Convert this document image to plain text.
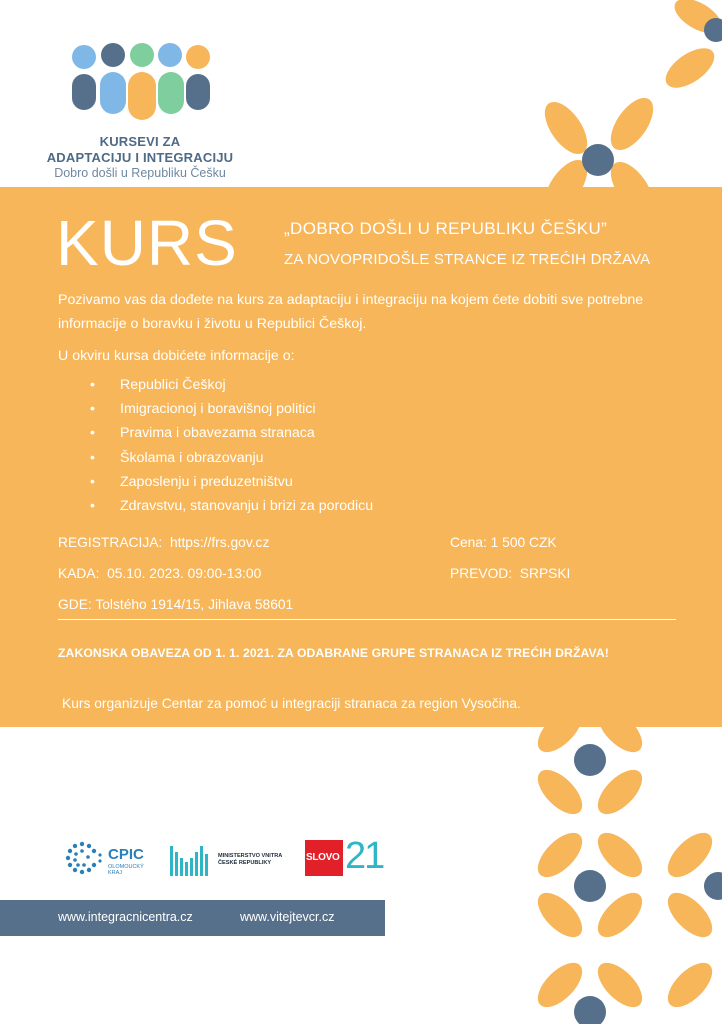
KURSEVI ZA
ADAPTACIJU I INTEGRACIJU
Dobro došli u Republiku Češku
KURS	„DOBRO DOŠLI U REPUBLIKU ČEŠKU”
ZA NOVOPRIDOŠLE STRANCE IZ TREĆIH DRŽAVA
Pozivamo vas da dođete na kurs za adaptaciju i integraciju na kojem ćete dobiti sve potrebne informacije o boravku i životu u Republici Češkoj.
U okviru kursa dobićete informacije o:
• Republici Češkoj
• Imigracionoj i boravišnoj politici
• Pravima i obavezama stranaca
• Školama i obrazovanju
• Zaposlenju i preduzetništvu
• Zdravstvu, stanovanju i brizi za porodicu
REGISTRACIJA: https://frs.gov.cz	Cena: 1 500 CZK
KADA: 05.10. 2023. 09:00-13:00	PREVOD: SRPSKI
GDE: Tolstého 1914/15, Jihlava 58601
ZAKONSKA OBAVEZA OD 1. 1. 2021. ZA ODABRANE GRUPE STRANACA IZ TREĆIH DRŽAVA!
Kurs organizuje Centar za pomoć u integraciji stranaca za region Vysočina.
CPIC
OLOMOUCKÝ
KRAJ
MINISTERSTVO VNITRA
ČESKÉ REPUBLIKY	SLOVO 21
www.integracnicentra.cz	www.vitejtevcr.cz
